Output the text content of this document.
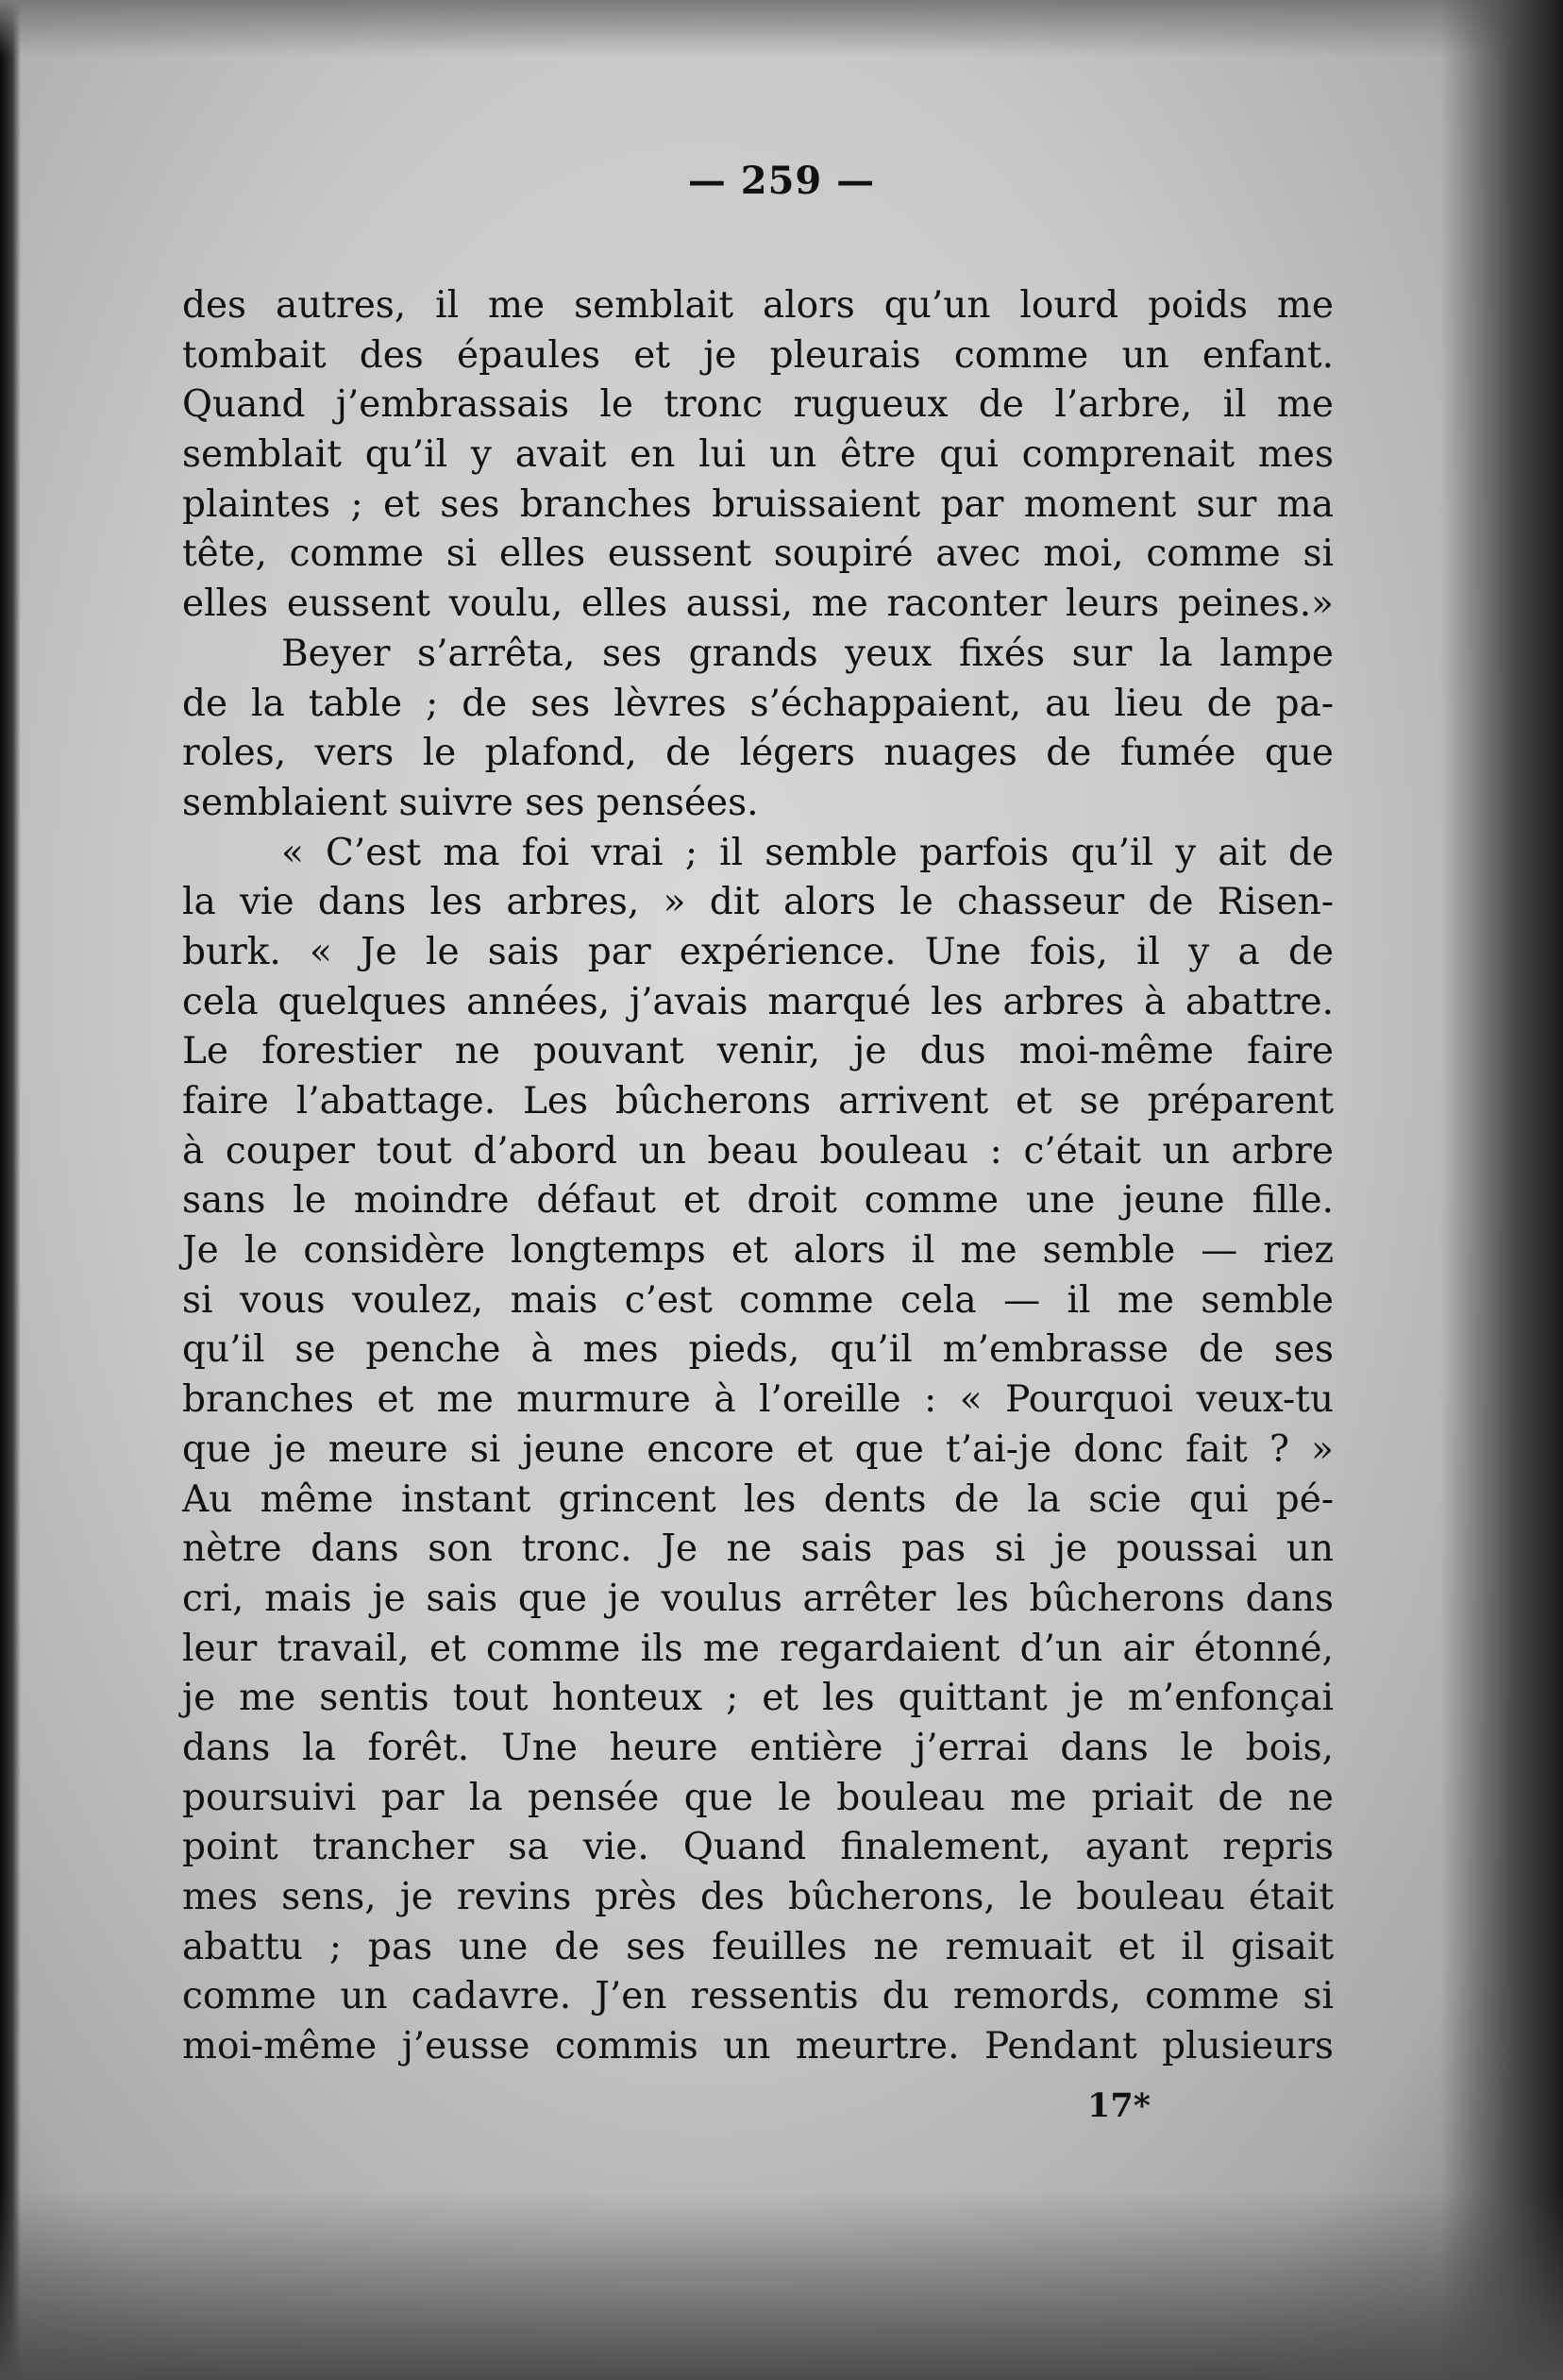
— 259 —
des autres, il me semblait alors qu’un lourd poids me
tombait des épaules et je pleurais comme un enfant.
Quand j’embrassais le tronc rugueux de l’arbre, il me
semblait qu’il y avait en lui un être qui comprenait mes
plaintes ; et ses branches bruissaient par moment sur ma
tête, comme si elles eussent soupiré avec moi, comme si
elles eussent voulu, elles aussi, me raconter leurs peines.»
Beyer s’arrêta, ses grands yeux fixés sur la lampe
de la table ; de ses lèvres s’échappaient, au lieu de pa-
roles, vers le plafond, de légers nuages de fumée que
semblaient suivre ses pensées.
« C’est ma foi vrai ; il semble parfois qu’il y ait de
la vie dans les arbres, » dit alors le chasseur de Risen-
burk. « Je le sais par expérience. Une fois, il y a de
cela quelques années, j’avais marqué les arbres à abattre.
Le forestier ne pouvant venir, je dus moi-même faire
faire l’abattage. Les bûcherons arrivent et se préparent
à couper tout d’abord un beau bouleau : c’était un arbre
sans le moindre défaut et droit comme une jeune fille.
Je le considère longtemps et alors il me semble — riez
si vous voulez, mais c’est comme cela — il me semble
qu’il se penche à mes pieds, qu’il m’embrasse de ses
branches et me murmure à l’oreille : « Pourquoi veux-tu
que je meure si jeune encore et que t’ai-je donc fait ? »
Au même instant grincent les dents de la scie qui pé-
nètre dans son tronc. Je ne sais pas si je poussai un
cri, mais je sais que je voulus arrêter les bûcherons dans
leur travail, et comme ils me regardaient d’un air étonné,
je me sentis tout honteux ; et les quittant je m’enfonçai
dans la forêt. Une heure entière j’errai dans le bois,
poursuivi par la pensée que le bouleau me priait de ne
point trancher sa vie. Quand finalement, ayant repris
mes sens, je revins près des bûcherons, le bouleau était
abattu ; pas une de ses feuilles ne remuait et il gisait
comme un cadavre. J’en ressentis du remords, comme si
moi-même j’eusse commis un meurtre. Pendant plusieurs
17*
